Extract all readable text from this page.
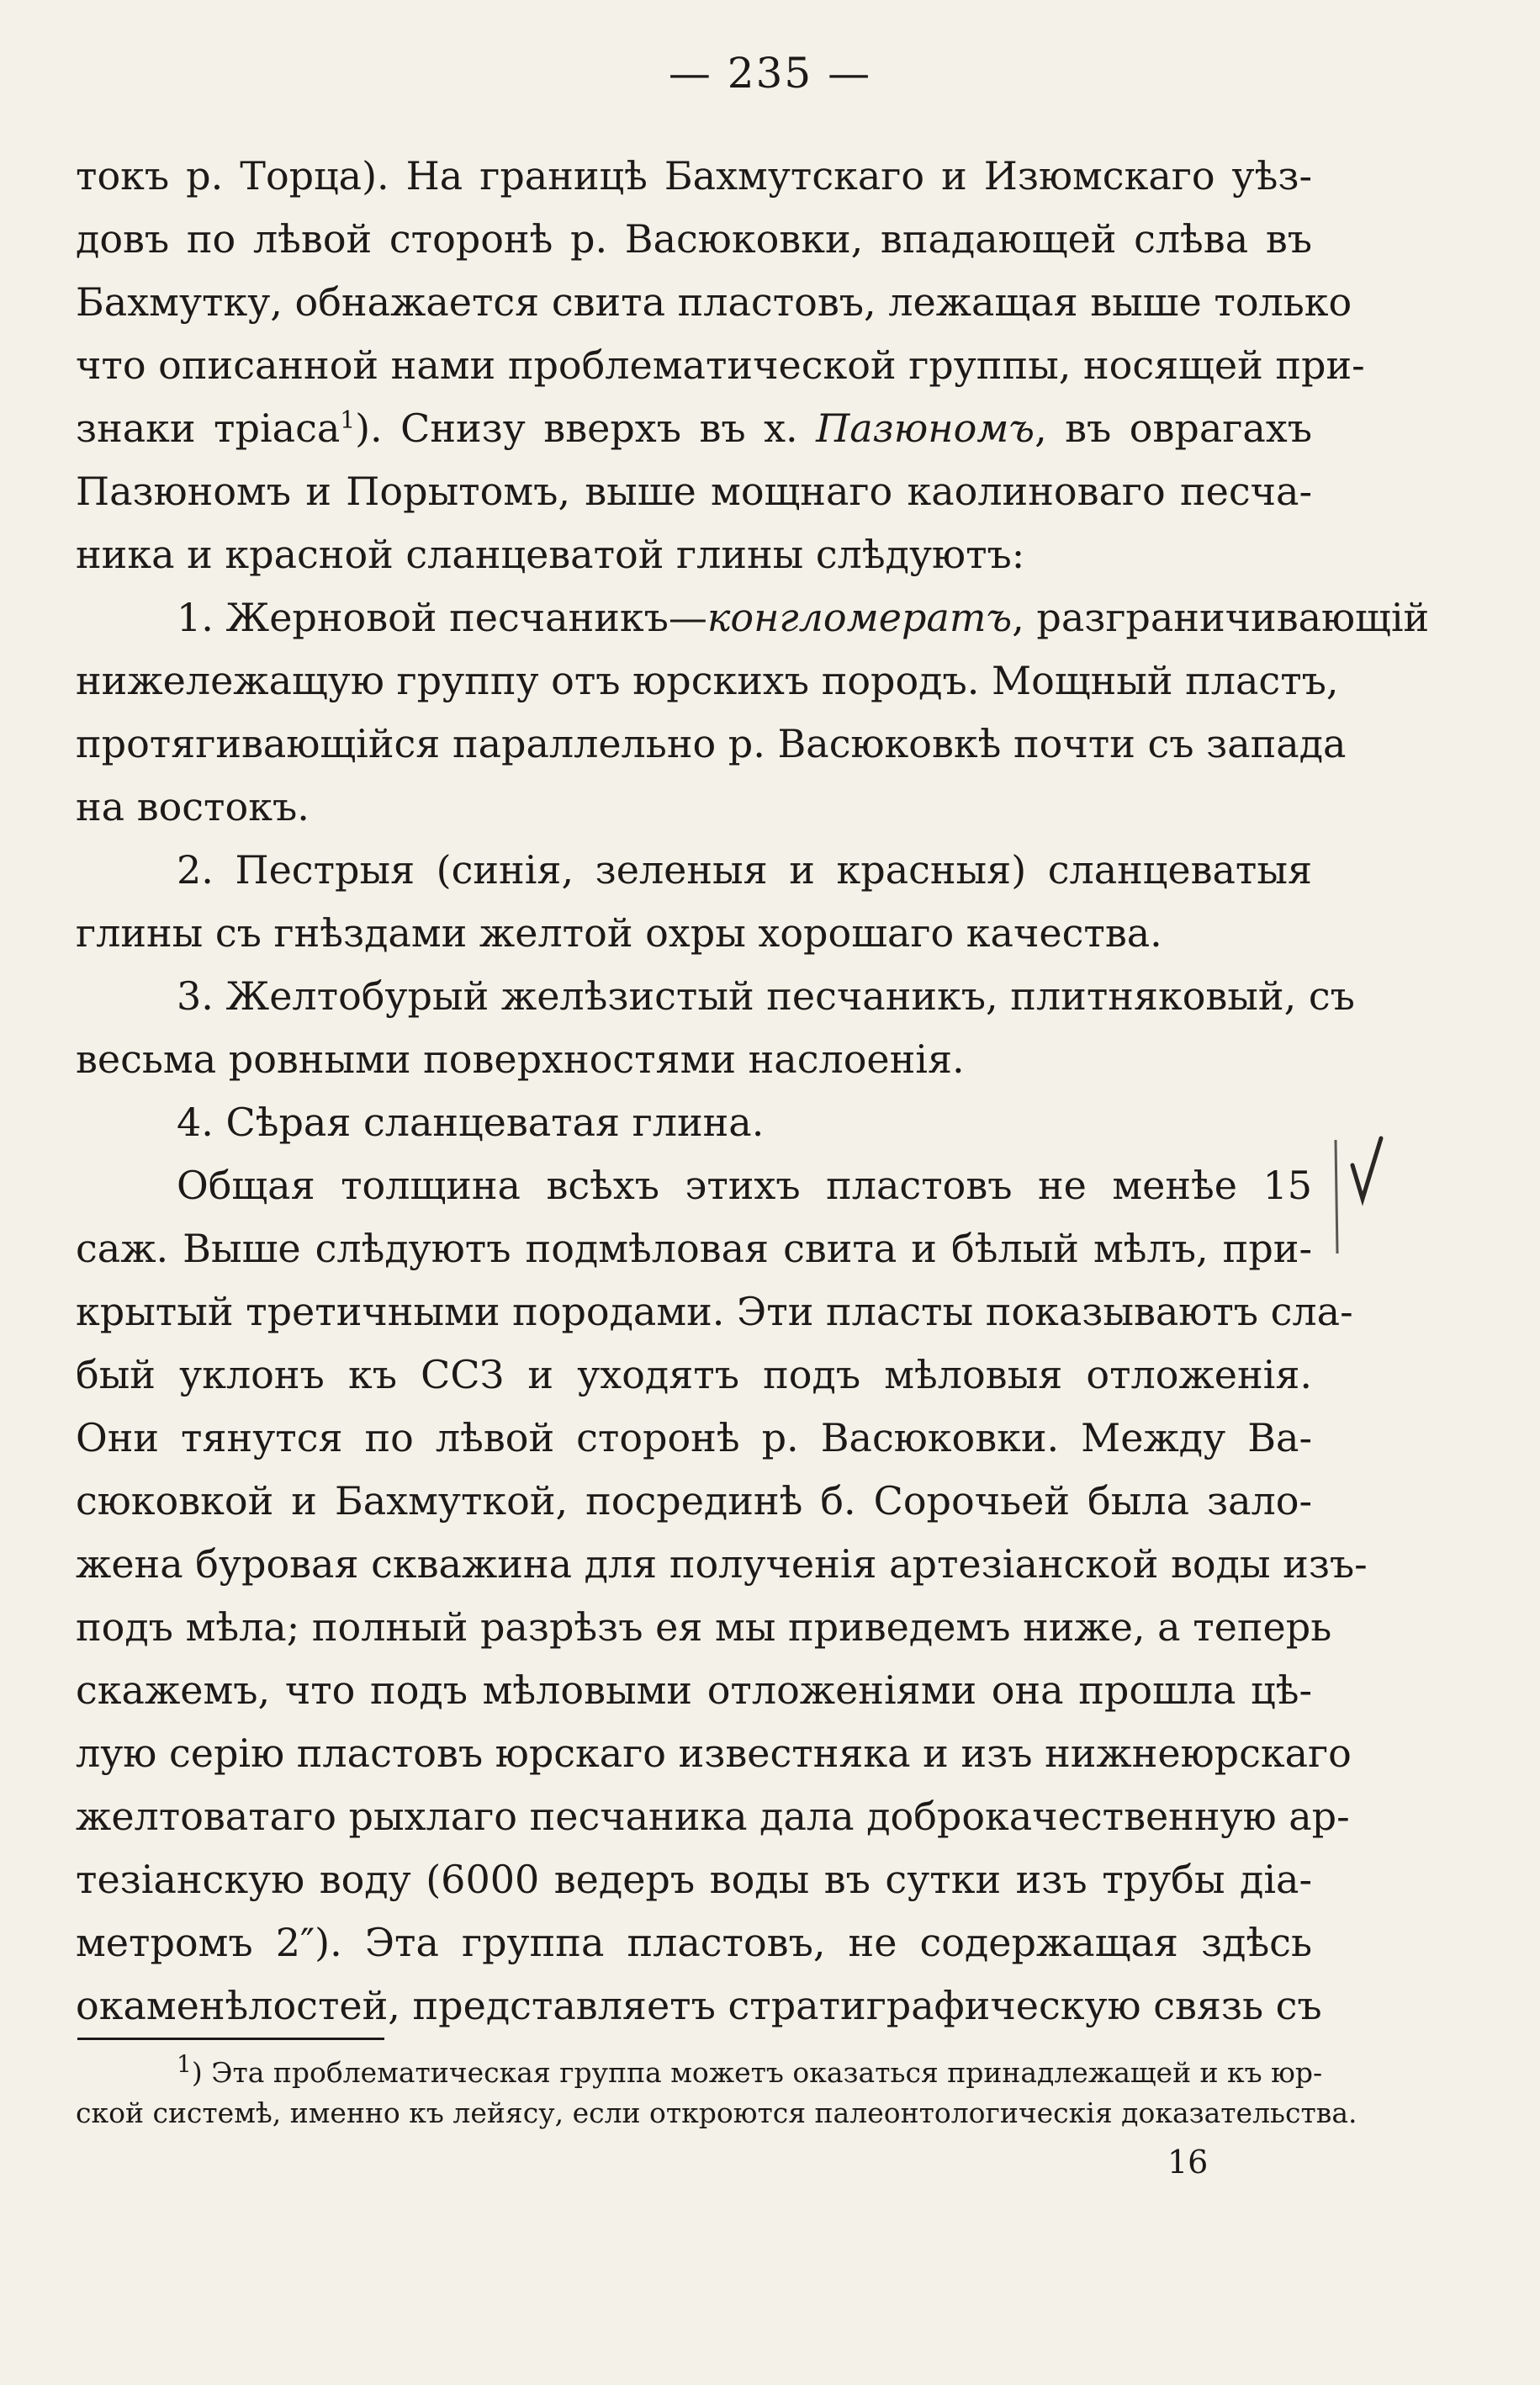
— 235 —
токъ р. Торца). На границѣ Бахмутскаго и Изюмскаго уѣз-
довъ по лѣвой сторонѣ р. Васюковки, впадающей слѣва въ
Бахмутку, обнажается свита пластовъ, лежащая выше только
что описанной нами проблематической группы, носящей при-
знаки тріаса$^1$). Снизу вверхъ въ х. Пазюномъ, въ оврагахъ
Пазюномъ и Порытомъ, выше мощнаго каолиноваго песча-
ника и красной сланцеватой глины слѣдуютъ:
1. Жерновой песчаникъ—конгломератъ, разграничивающій
нижележащую группу отъ юрскихъ породъ. Мощный пластъ,
протягивающійся параллельно р. Васюковкѣ почти съ запада
на востокъ.
2. Пестрыя (синія, зеленыя и красныя) сланцеватыя
глины съ гнѣздами желтой охры хорошаго качества.
3. Желтобурый желѣзистый песчаникъ, плитняковый, съ
весьма ровными поверхностями наслоенія.
4. Сѣрая сланцеватая глина.
Общая толщина всѣхъ этихъ пластовъ не менѣе 15
саж. Выше слѣдуютъ подмѣловая свита и бѣлый мѣлъ, при-
крытый третичными породами. Эти пласты показываютъ сла-
бый уклонъ къ ССЗ и уходятъ подъ мѣловыя отложенія.
Они тянутся по лѣвой сторонѣ р. Васюковки. Между Ва-
сюковкой и Бахмуткой, посрединѣ б. Сорочьей была зало-
жена буровая скважина для полученія артезіанской воды изъ-
подъ мѣла; полный разрѣзъ ея мы приведемъ ниже, а теперь
скажемъ, что подъ мѣловыми отложеніями она прошла цѣ-
лую серію пластовъ юрскаго известняка и изъ нижнеюрскаго
желтоватаго рыхлаго песчаника дала доброкачественную ар-
тезіанскую воду (6000 ведеръ воды въ сутки изъ трубы діа-
метромъ 2″). Эта группа пластовъ, не содержащая здѣсь
окаменѣлостей, представляетъ стратиграфическую связь съ
$^1$) Эта проблематическая группа можетъ оказаться принадлежащей и къ юр-
ской системѣ, именно къ лейясу, если откроются палеонтологическія доказательства.
16
